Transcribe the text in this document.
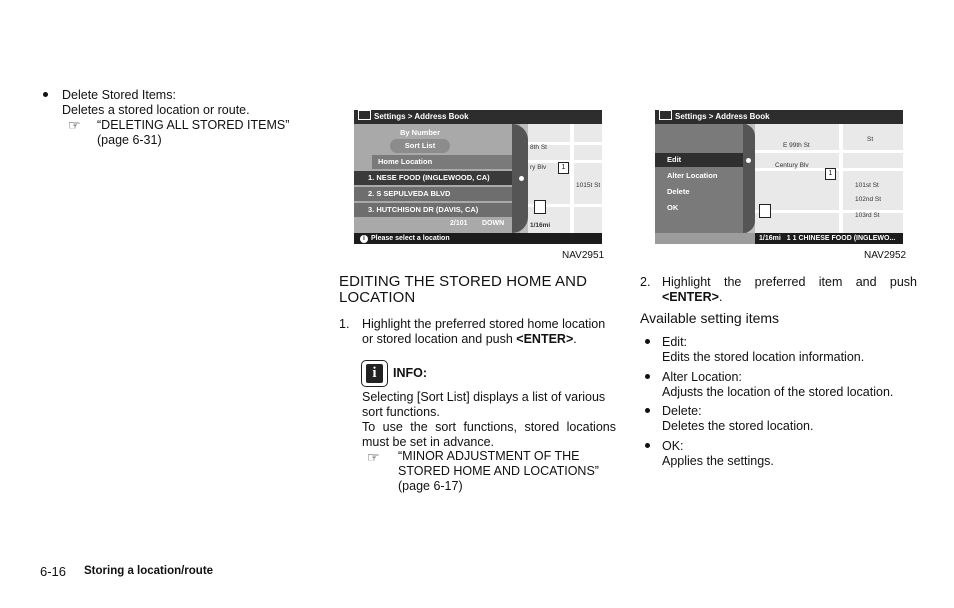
Delete Stored Items:
Deletes a stored location or route.
☞	“DELETING ALL STORED ITEMS”
(page 6-31)
Settings > Address Book
By Number
Sort List
Home Location
1. NESE FOOD (INGLEWOOD, CA)
2. S SEPULVEDA BLVD
3. HUTCHISON DR (DAVIS, CA)
2/101 DOWN
8th St
ry Blv
1015t St
1/16mi
1
i Please select a location
NAV2951
Settings > Address Book
Edit
Alter Location
Delete
OK
St
E 99th St
Century Blv
101st St
102nd St
103rd St
1
1/16mi 1 1 CHINESE FOOD (INGLEWO...
NAV2952
EDITING THE STORED HOME AND
LOCATION
1. Highlight the preferred stored home location
or stored location and push <ENTER>.
i	INFO:
Selecting [Sort List] displays a list of various
sort functions.
To use the sort functions, stored locations
must be set in advance.
☞	“MINOR ADJUSTMENT OF THE
STORED HOME AND LOCATIONS”
(page 6-17)
2. Highlight the preferred item and push
<ENTER>.
Available setting items
Edit:
Edits the stored location information.
Alter Location:
Adjusts the location of the stored location.
Delete:
Deletes the stored location.
OK:
Applies the settings.
6-16 Storing a location/route
